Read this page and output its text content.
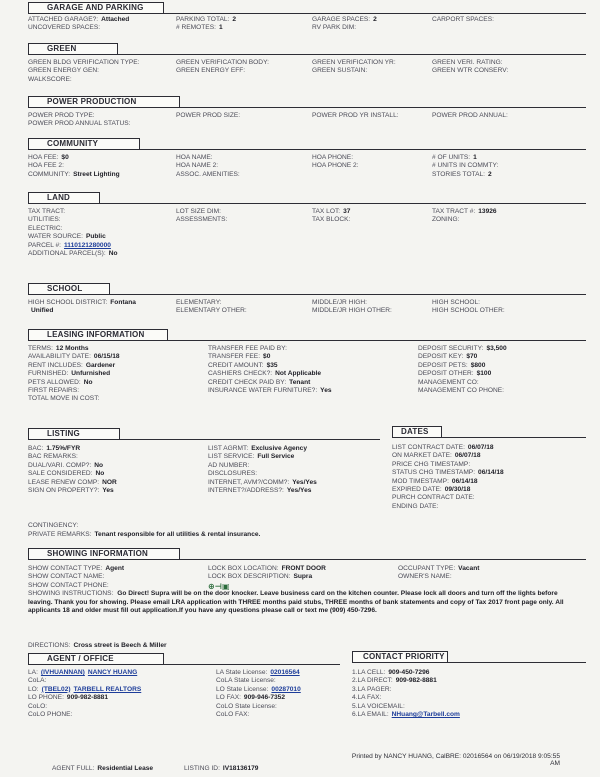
GARAGE AND PARKING
ATTACHED GARAGE?: Attached	PARKING TOTAL: 2	GARAGE SPACES: 2	CARPORT SPACES:
UNCOVERED SPACES:	# REMOTES: 1	RV PARK DIM:
GREEN
GREEN BLDG VERIFICATION TYPE:	GREEN VERIFICATION BODY:	GREEN VERIFICATION YR:	GREEN VERI. RATING:
GREEN ENERGY GEN:	GREEN ENERGY EFF:	GREEN SUSTAIN:	GREEN WTR CONSERV:
WALKSCORE:
POWER PRODUCTION
POWER PROD TYPE:	POWER PROD SIZE:	POWER PROD YR INSTALL:	POWER PROD ANNUAL:
POWER PROD ANNUAL STATUS:
COMMUNITY
HOA FEE: $0	HOA NAME:	HOA PHONE:	# OF UNITS: 1
HOA FEE 2:	HOA NAME 2:	HOA PHONE 2:	# UNITS IN COMMTY:
COMMUNITY: Street Lighting	ASSOC. AMENITIES:	STORIES TOTAL: 2
LAND
TAX TRACT:	LOT SIZE DIM:	TAX LOT: 37	TAX TRACT #: 13926
UTILITIES:	ASSESSMENTS:	TAX BLOCK:	ZONING:
ELECTRIC:
WATER SOURCE: Public
PARCEL #: 1110121280000
ADDITIONAL PARCEL(S): No
SCHOOL
HIGH SCHOOL DISTRICT: Fontana	ELEMENTARY:	MIDDLE/JR HIGH:	HIGH SCHOOL:
Unified	ELEMENTARY OTHER:	MIDDLE/JR HIGH OTHER:	HIGH SCHOOL OTHER:
LEASING INFORMATION
TERMS: 12 Months	TRANSFER FEE PAID BY:	DEPOSIT SECURITY: $3,500
AVAILABILITY DATE: 06/15/18	TRANSFER FEE: $0	DEPOSIT KEY: $70
RENT INCLUDES: Gardener	CREDIT AMOUNT: $35	DEPOSIT PETS: $800
FURNISHED: Unfurnished	CASHIERS CHECK?: Not Applicable	DEPOSIT OTHER: $100
PETS ALLOWED: No	CREDIT CHECK PAID BY: Tenant	MANAGEMENT CO:
FIRST REPAIRS:	INSURANCE WATER FURNITURE?: Yes	MANAGEMENT CO PHONE:
TOTAL MOVE IN COST:
LISTING
BAC: 1.75%/FYR	LIST AGRMT: Exclusive Agency
BAC REMARKS:	LIST SERVICE: Full Service
DUAL/VARI. COMP?: No	AD NUMBER:
SALE CONSIDERED: No	DISCLOSURES:
LEASE RENEW COMP: NOR	INTERNET, AVM?/COMM?: Yes/Yes
SIGN ON PROPERTY?: Yes	INTERNET?/ADDRESS?: Yes/Yes
DATES
LIST CONTRACT DATE: 06/07/18
ON MARKET DATE: 06/07/18
PRICE CHG TIMESTAMP:
STATUS CHG TIMESTAMP: 06/14/18
MOD TIMESTAMP: 06/14/18
EXPIRED DATE: 09/30/18
PURCH CONTRACT DATE:
ENDING DATE:
CONTINGENCY:
PRIVATE REMARKS: Tenant responsible for all utilities & rental insurance.
SHOWING INFORMATION
SHOW CONTACT TYPE: Agent	LOCK BOX LOCATION: FRONT DOOR	OCCUPANT TYPE: Vacant
SHOW CONTACT NAME:	LOCK BOX DESCRIPTION: Supra	OWNER'S NAME:
SHOW CONTACT PHONE:	⊕⊣▣
SHOWING INSTRUCTIONS: Go Direct! Supra will be on the door knocker. Leave business card on the kitchen counter. Please lock all doors and turn off the lights before leaving. Thank you for showing. Please email LRA application with THREE months paid stubs, THREE months of bank statements and copy of Tax 2017 front page only. All applicants 18 and older must fill out application.If you have any questions please call or text me (909) 450-7296.
DIRECTIONS: Cross street is Beech & Miller
AGENT / OFFICE
LA: (IVHUANNAN) NANCY HUANG	LA State License: 02016564
CoLA:	CoLA State License:
LO: (TBEL02) TARBELL REALTORS	LO State License: 00287010
LO PHONE: 909-982-8881	LO FAX: 909-946-7352
CoLO:	CoLO State License:
CoLO PHONE:	CoLO FAX:
CONTACT PRIORITY
1.LA CELL: 909-450-7296
2.LA DIRECT: 909-982-8881
3.LA PAGER:
4.LA FAX:
5.LA VOICEMAIL:
6.LA EMAIL: NHuang@Tarbell.com
AGENT FULL: Residential Lease	LISTING ID: IV18136179
Printed by NANCY HUANG, CalBRE: 02016564 on 06/19/2018 9:05:55
AM
